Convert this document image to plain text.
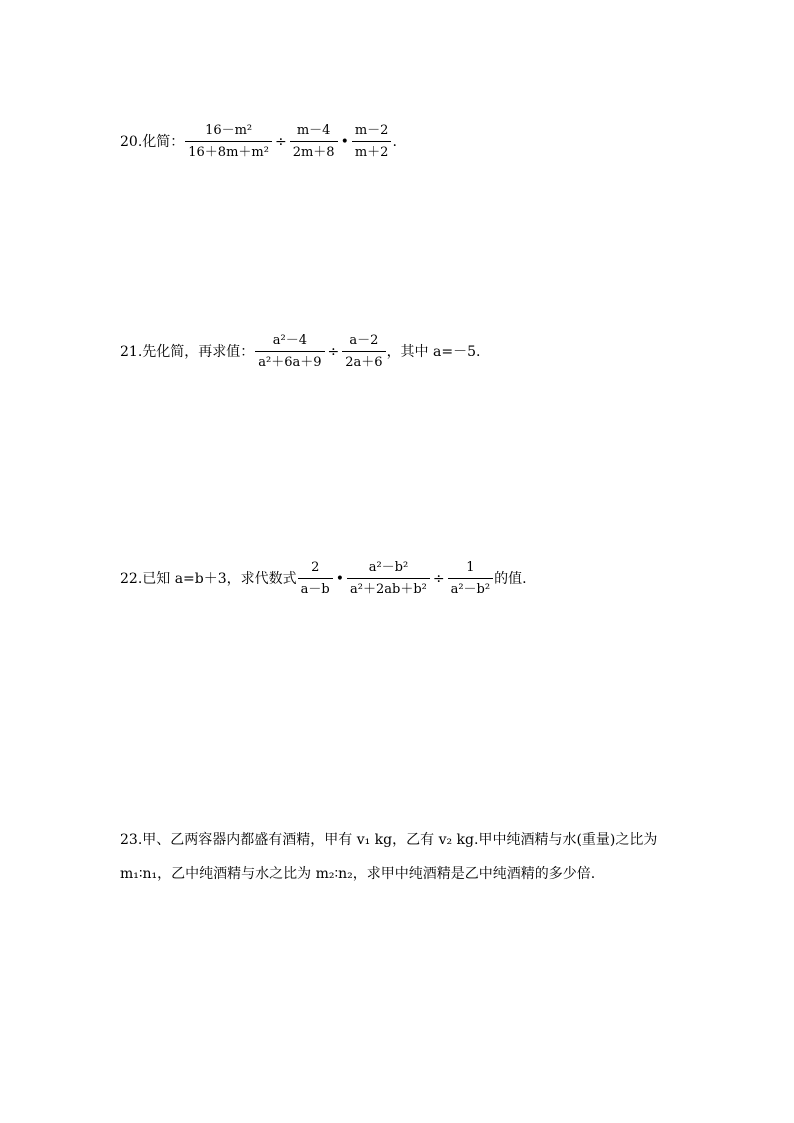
20.化简： $\frac{\text{16－m²}}{\text{16＋8m＋m²}} \div \frac{m-4}{2m+8}$ • $\frac{m-2}{m+2}$ .
21.先化简，再求值： $\frac{\text{a²－4}}{\text{a²＋6a＋9}} \div \frac{a-2}{2a+6}$ ，其中 a=－5.
22.已知 a=b＋3，求代数式 $\frac{2}{a-b}$ • $\frac{\text{a²－b²}}{\text{a²＋2ab＋b²}} \div \frac{1}{\text{a²－b²}}$ 的值.
23.甲、乙两容器内都盛有酒精，甲有 v₁ kg，乙有 v₂ kg.甲中纯酒精与水(重量)之比为 m₁∶n₁，乙中纯酒精与水之比为 m₂∶n₂，求甲中纯酒精是乙中纯酒精的多少倍.
